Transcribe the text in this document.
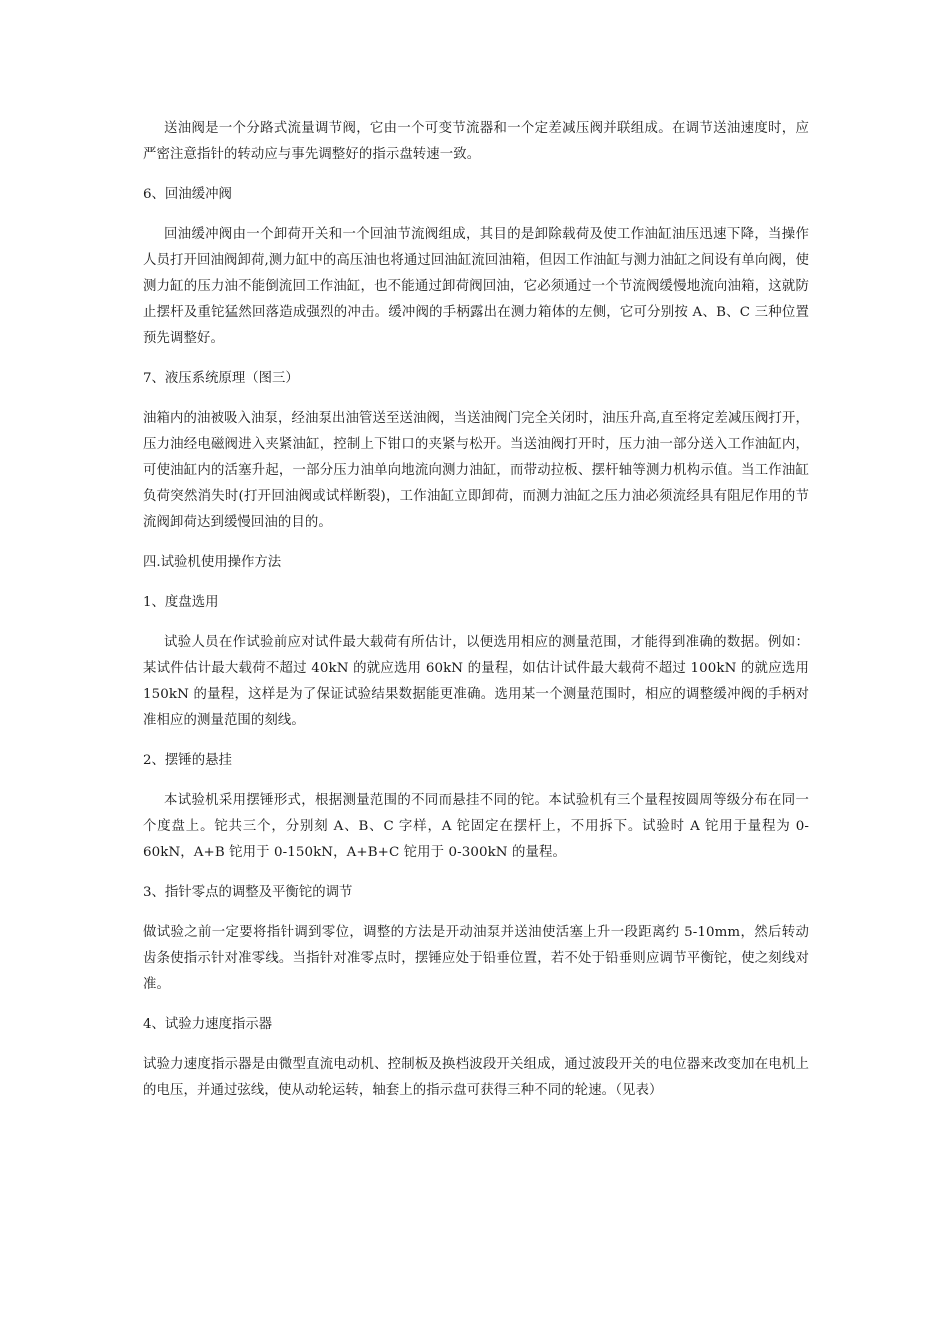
送油阀是一个分路式流量调节阀，它由一个可变节流器和一个定差减压阀并联组成。在调节送油速度时，应严密注意指针的转动应与事先调整好的指示盘转速一致。

6、回油缓冲阀

回油缓冲阀由一个卸荷开关和一个回油节流阀组成，其目的是卸除载荷及使工作油缸油压迅速下降，当操作人员打开回油阀卸荷,测力缸中的高压油也将通过回油缸流回油箱，但因工作油缸与测力油缸之间设有单向阀，使测力缸的压力油不能倒流回工作油缸，也不能通过卸荷阀回油，它必须通过一个节流阀缓慢地流向油箱，这就防止摆杆及重铊猛然回落造成强烈的冲击。缓冲阀的手柄露出在测力箱体的左侧，它可分别按 A、B、C 三种位置预先调整好。

7、液压系统原理（图三）

油箱内的油被吸入油泵，经油泵出油管送至送油阀，当送油阀门完全关闭时，油压升高,直至将定差减压阀打开，压力油经电磁阀进入夹紧油缸，控制上下钳口的夹紧与松开。当送油阀打开时，压力油一部分送入工作油缸内，可使油缸内的活塞升起，一部分压力油单向地流向测力油缸，而带动拉板、摆杆轴等测力机构示值。当工作油缸负荷突然消失时(打开回油阀或试样断裂)，工作油缸立即卸荷，而测力油缸之压力油必须流经具有阻尼作用的节流阀卸荷达到缓慢回油的目的。

四.试验机使用操作方法

1、度盘选用

试验人员在作试验前应对试件最大载荷有所估计，以便选用相应的测量范围，才能得到准确的数据。例如：某试件估计最大载荷不超过 40kN 的就应选用 60kN 的量程，如估计试件最大载荷不超过 100kN 的就应选用 150kN 的量程，这样是为了保证试验结果数据能更准确。选用某一个测量范围时，相应的调整缓冲阀的手柄对准相应的测量范围的刻线。

2、摆锤的悬挂

本试验机采用摆锤形式，根据测量范围的不同而悬挂不同的铊。本试验机有三个量程按圆周等级分布在同一个度盘上。铊共三个，分别刻 A、B、C 字样，A 铊固定在摆杆上，不用拆下。试验时 A 铊用于量程为 0-60kN，A+B 铊用于 0-150kN，A+B+C 铊用于 0-300kN 的量程。

3、指针零点的调整及平衡铊的调节

做试验之前一定要将指针调到零位，调整的方法是开动油泵并送油使活塞上升一段距离约 5-10mm，然后转动齿条使指示针对准零线。当指针对准零点时，摆锤应处于铅垂位置，若不处于铅垂则应调节平衡铊，使之刻线对准。

4、试验力速度指示器

试验力速度指示器是由微型直流电动机、控制板及换档波段开关组成，通过波段开关的电位器来改变加在电机上的电压，并通过弦线，使从动轮运转，轴套上的指示盘可获得三种不同的轮速。（见表）
